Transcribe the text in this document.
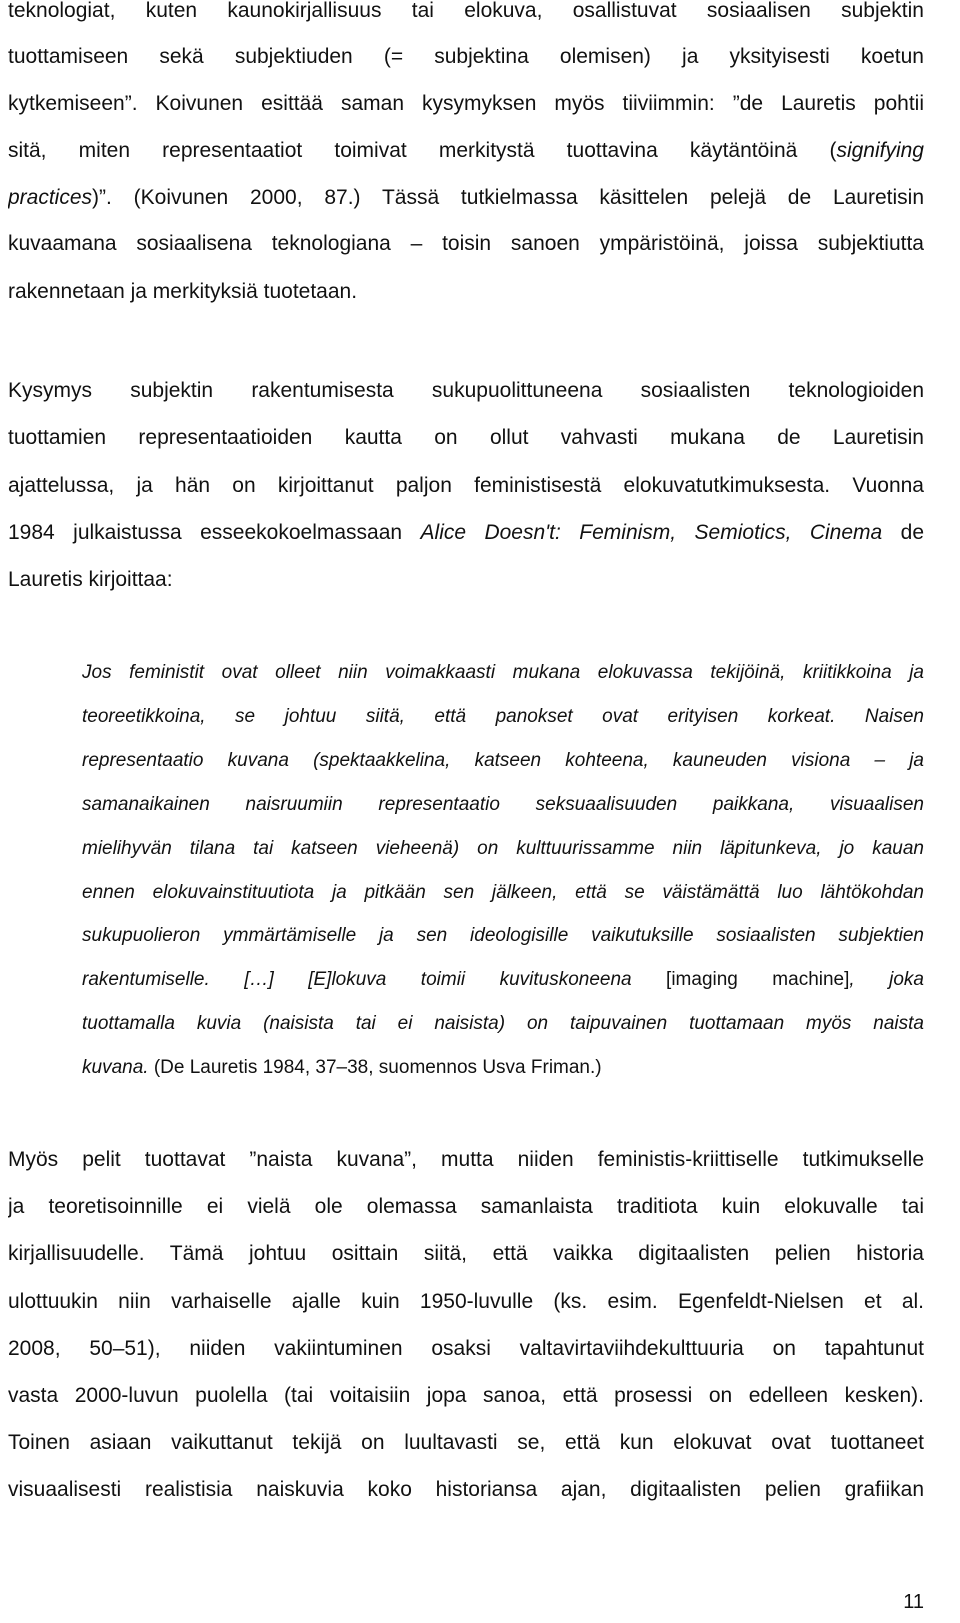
teknologiat, kuten kaunokirjallisuus tai elokuva, osallistuvat sosiaalisen subjektin
tuottamiseen sekä subjektiuden (= subjektina olemisen) ja yksityisesti koetun
kytkemiseen”. Koivunen esittää saman kysymyksen myös tiiviimmin: ”de Lauretis pohtii
sitä, miten representaatiot toimivat merkitystä tuottavina käytäntöinä (signifying
practices)”. (Koivunen 2000, 87.) Tässä tutkielmassa käsittelen pelejä de Lauretisin
kuvaamana sosiaalisena teknologiana – toisin sanoen ympäristöinä, joissa subjektiutta
rakennetaan ja merkityksiä tuotetaan.
Kysymys subjektin rakentumisesta sukupuolittuneena sosiaalisten teknologioiden
tuottamien representaatioiden kautta on ollut vahvasti mukana de Lauretisin
ajattelussa, ja hän on kirjoittanut paljon feministisestä elokuvatutkimuksesta. Vuonna
1984 julkaistussa esseekokoelmassaan Alice Doesn't: Feminism, Semiotics, Cinema de
Lauretis kirjoittaa:
Jos feministit ovat olleet niin voimakkaasti mukana elokuvassa tekijöinä, kriitikkoina ja
teoreetikkoina, se johtuu siitä, että panokset ovat erityisen korkeat. Naisen
representaatio kuvana (spektaakkelina, katseen kohteena, kauneuden visiona – ja
samanaikainen naisruumiin representaatio seksuaalisuuden paikkana, visuaalisen
mielihyvän tilana tai katseen vieheenä) on kulttuurissamme niin läpitunkeva, jo kauan
ennen elokuvainstituutiota ja pitkään sen jälkeen, että se väistämättä luo lähtökohdan
sukupuolieron ymmärtämiselle ja sen ideologisille vaikutuksille sosiaalisten subjektien
rakentumiselle. […] [E]lokuva toimii kuvituskoneena [imaging machine], joka
tuottamalla kuvia (naisista tai ei naisista) on taipuvainen tuottamaan myös naista
kuvana. (De Lauretis 1984, 37–38, suomennos Usva Friman.)
Myös pelit tuottavat ”naista kuvana”, mutta niiden feministis-kriittiselle tutkimukselle
ja teoretisoinnille ei vielä ole olemassa samanlaista traditiota kuin elokuvalle tai
kirjallisuudelle. Tämä johtuu osittain siitä, että vaikka digitaalisten pelien historia
ulottuukin niin varhaiselle ajalle kuin 1950-luvulle (ks. esim. Egenfeldt-Nielsen et al.
2008, 50–51), niiden vakiintuminen osaksi valtavirtaviihdekulttuuria on tapahtunut
vasta 2000-luvun puolella (tai voitaisiin jopa sanoa, että prosessi on edelleen kesken).
Toinen asiaan vaikuttanut tekijä on luultavasti se, että kun elokuvat ovat tuottaneet
visuaalisesti realistisia naiskuvia koko historiansa ajan, digitaalisten pelien grafiikan
11
